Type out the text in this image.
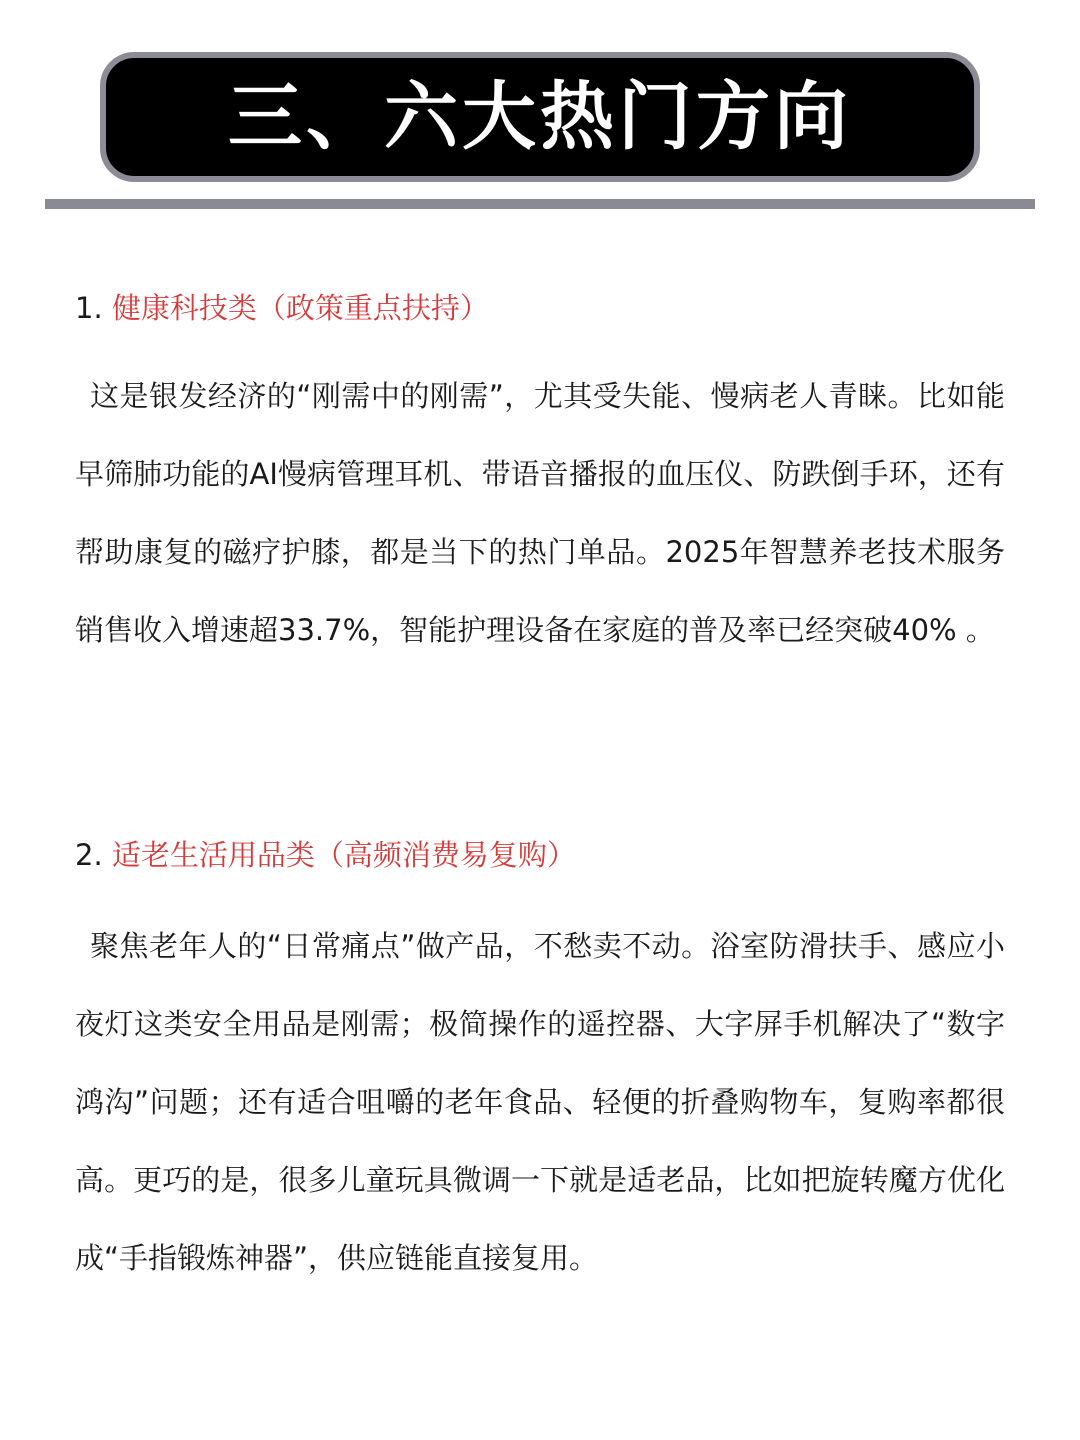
三、六大热门方向
1. 健康科技类（政策重点扶持）

这是银发经济的“刚需中的刚需”，尤其受失能、慢病老人青睐。比如能早筛肺功能的AI慢病管理耳机、带语音播报的血压仪、防跌倒手环，还有帮助康复的磁疗护膝，都是当下的热门单品。2025年智慧养老技术服务销售收入增速超33.7%，智能护理设备在家庭的普及率已经突破40% 。

2. 适老生活用品类（高频消费易复购）

聚焦老年人的“日常痛点”做产品，不愁卖不动。浴室防滑扶手、感应小夜灯这类安全用品是刚需；极简操作的遥控器、大字屏手机解决了“数字鸿沟”问题；还有适合咀嚼的老年食品、轻便的折叠购物车，复购率都很高。更巧的是，很多儿童玩具微调一下就是适老品，比如把旋转魔方优化成“手指锻炼神器”，供应链能直接复用。
